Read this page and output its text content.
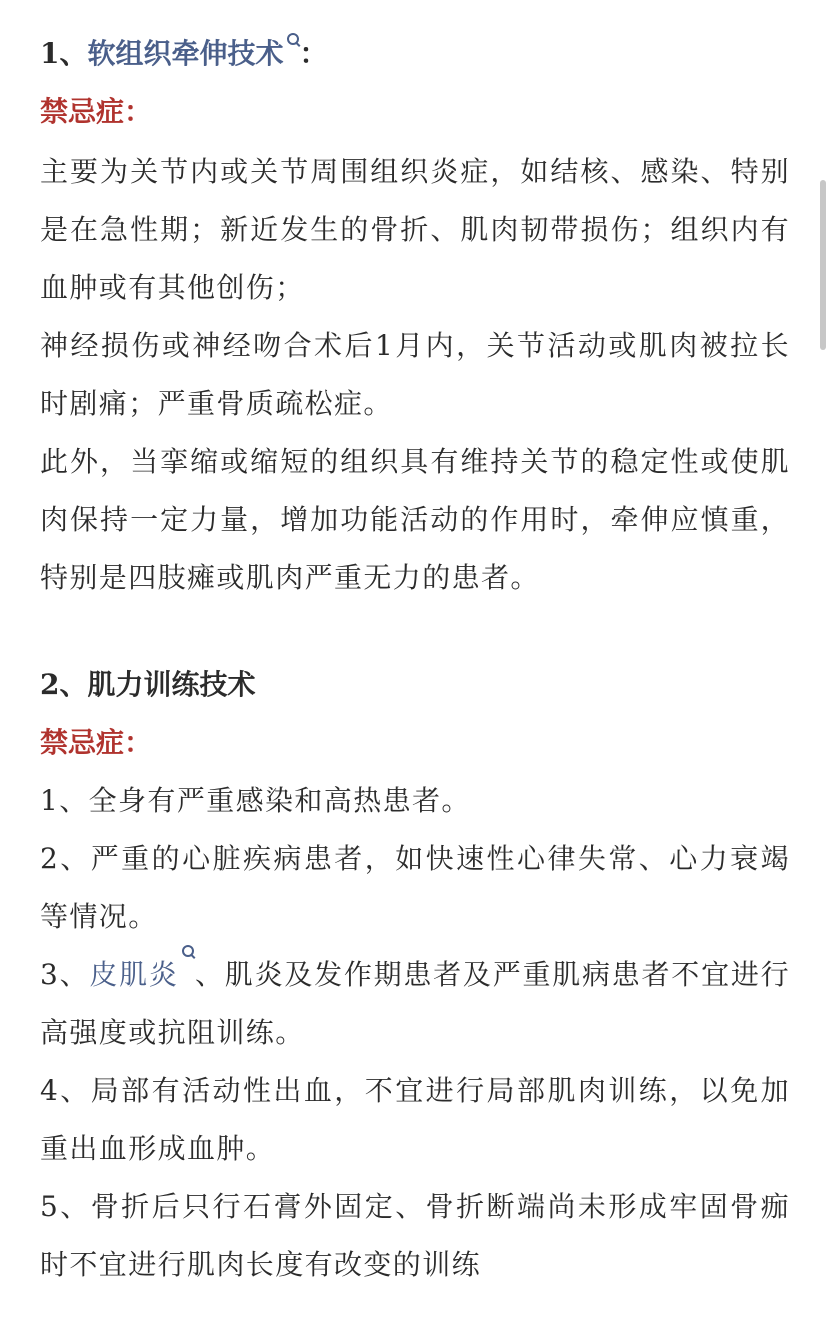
1、软组织牵伸技术 ：
禁忌症：
主要为关节内或关节周围组织炎症，如结核、感染、特别是在急性期；新近发生的骨折、肌肉韧带损伤；组织内有血肿或有其他创伤；
神经损伤或神经吻合术后1月内，关节活动或肌肉被拉长时剧痛；严重骨质疏松症。
此外，当挛缩或缩短的组织具有维持关节的稳定性或使肌肉保持一定力量，增加功能活动的作用时，牵伸应慎重，特别是四肢瘫或肌肉严重无力的患者。
2、肌力训练技术
禁忌症：
1、全身有严重感染和高热患者。
2、严重的心脏疾病患者，如快速性心律失常、心力衰竭等情况。
3、皮肌炎 、肌炎及发作期患者及严重肌病患者不宜进行高强度或抗阻训练。
4、局部有活动性出血，不宜进行局部肌肉训练，以免加重出血形成血肿。
5、骨折后只行石膏外固定、骨折断端尚未形成牢固骨痂时不宜进行肌肉长度有改变的训练
